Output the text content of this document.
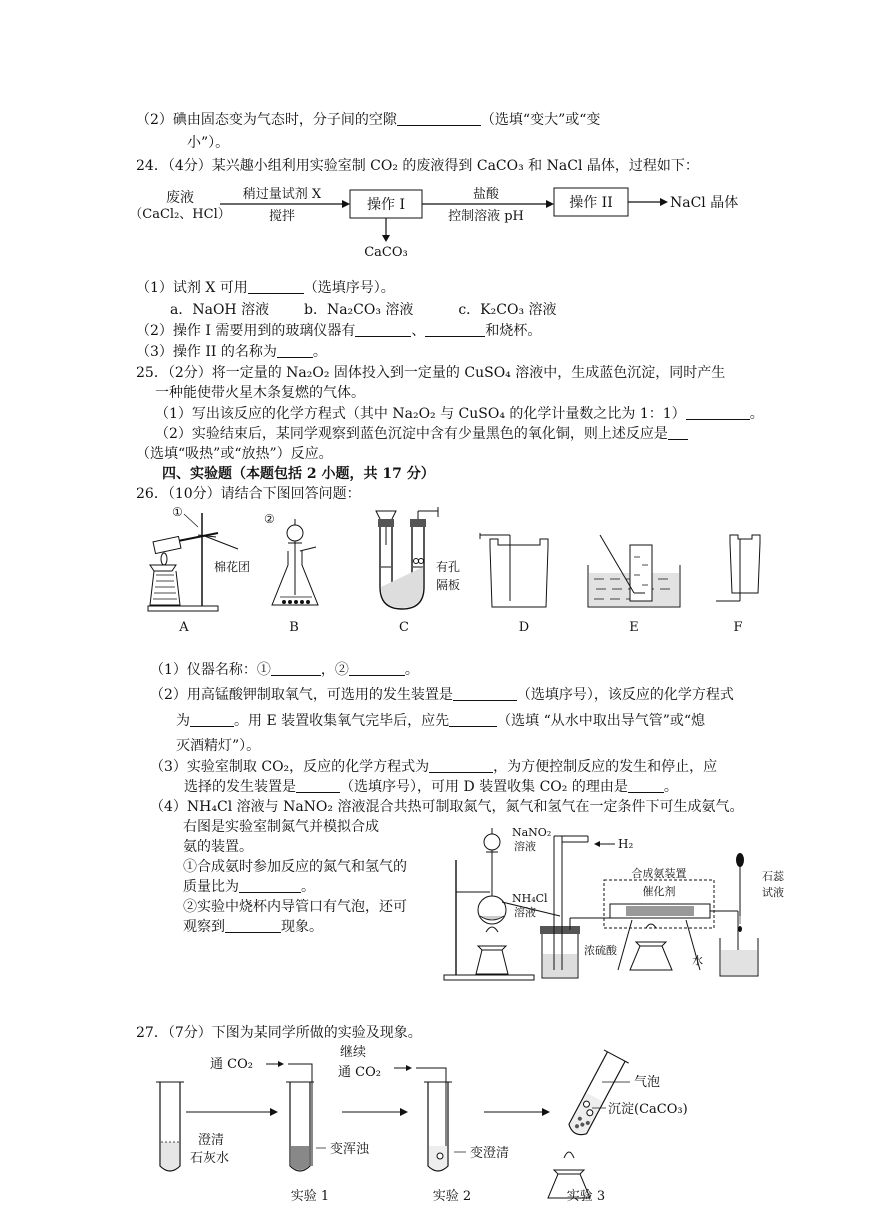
（2）碘由固态变为气态时，分子间的空隙	（选填“变大”或“变
小”）。
24．（4分）某兴趣小组利用实验室制 CO₂ 的废液得到 CaCO₃ 和 NaCl 晶体，过程如下：
废液
（CaCl₂、HCl）
稍过量试剂 X
搅拌
操作 I
CaCO₃
盐酸
控制溶液 pH
操作 II	NaCl 晶体
（1）试剂 X 可用	（选填序号）。
a．NaOH 溶液 b．Na₂CO₃ 溶液	c．K₂CO₃ 溶液
（2）操作 I 需要用到的玻璃仪器有	、	和烧杯。
（3）操作 II 的名称为	。
25．（2分）将一定量的 Na₂O₂ 固体投入到一定量的 CuSO₄ 溶液中，生成蓝色沉淀，同时产生
一种能使带火星木条复燃的气体。
（1）写出该反应的化学方程式（其中 Na₂O₂ 与 CuSO₄ 的化学计量数之比为 1：1）	。
（2）实验结束后，某同学观察到蓝色沉淀中含有少量黑色的氧化铜，则上述反应是
（选填“吸热”或“放热”）反应。
四、实验题（本题包括 2 小题，共 17 分）
26．（10分）请结合下图回答问题：
①
棉花团
A
②
B
有孔
隔板
C	D	E	F
（1）仪器名称：①	，②	。
（2）用高锰酸钾制取氧气，可选用的发生装置是	（选填序号），该反应的化学方程式
为	。用 E 装置收集氧气完毕后，应先	（选填 “从水中取出导气管”或“熄
灭酒精灯”）。
（3）实验室制取 CO₂，反应的化学方程式为	，为方便控制反应的发生和停止，应
选择的发生装置是	（选填序号），可用 D 装置收集 CO₂ 的理由是	。
（4）NH₄Cl 溶液与 NaNO₂ 溶液混合共热可制取氮气，氮气和氢气在一定条件下可生成氨气。
右图是实验室制氮气并模拟合成
氨的装置。
①合成氨时参加反应的氮气和氢气的
质量比为	。
②实验中烧杯内导管口有气泡，还可
观察到	现象。
NaNO₂
溶液
NH₄Cl
溶液
浓硫酸
H₂
合成氨装置
催化剂
水
石蕊
试液
27．（7分）下图为某同学所做的实验及现象。
澄清
石灰水
通 CO₂
变浑浊
继续
通 CO₂
变澄清
气泡
沉淀(CaCO₃)
实验 1	实验 2	实验 3
